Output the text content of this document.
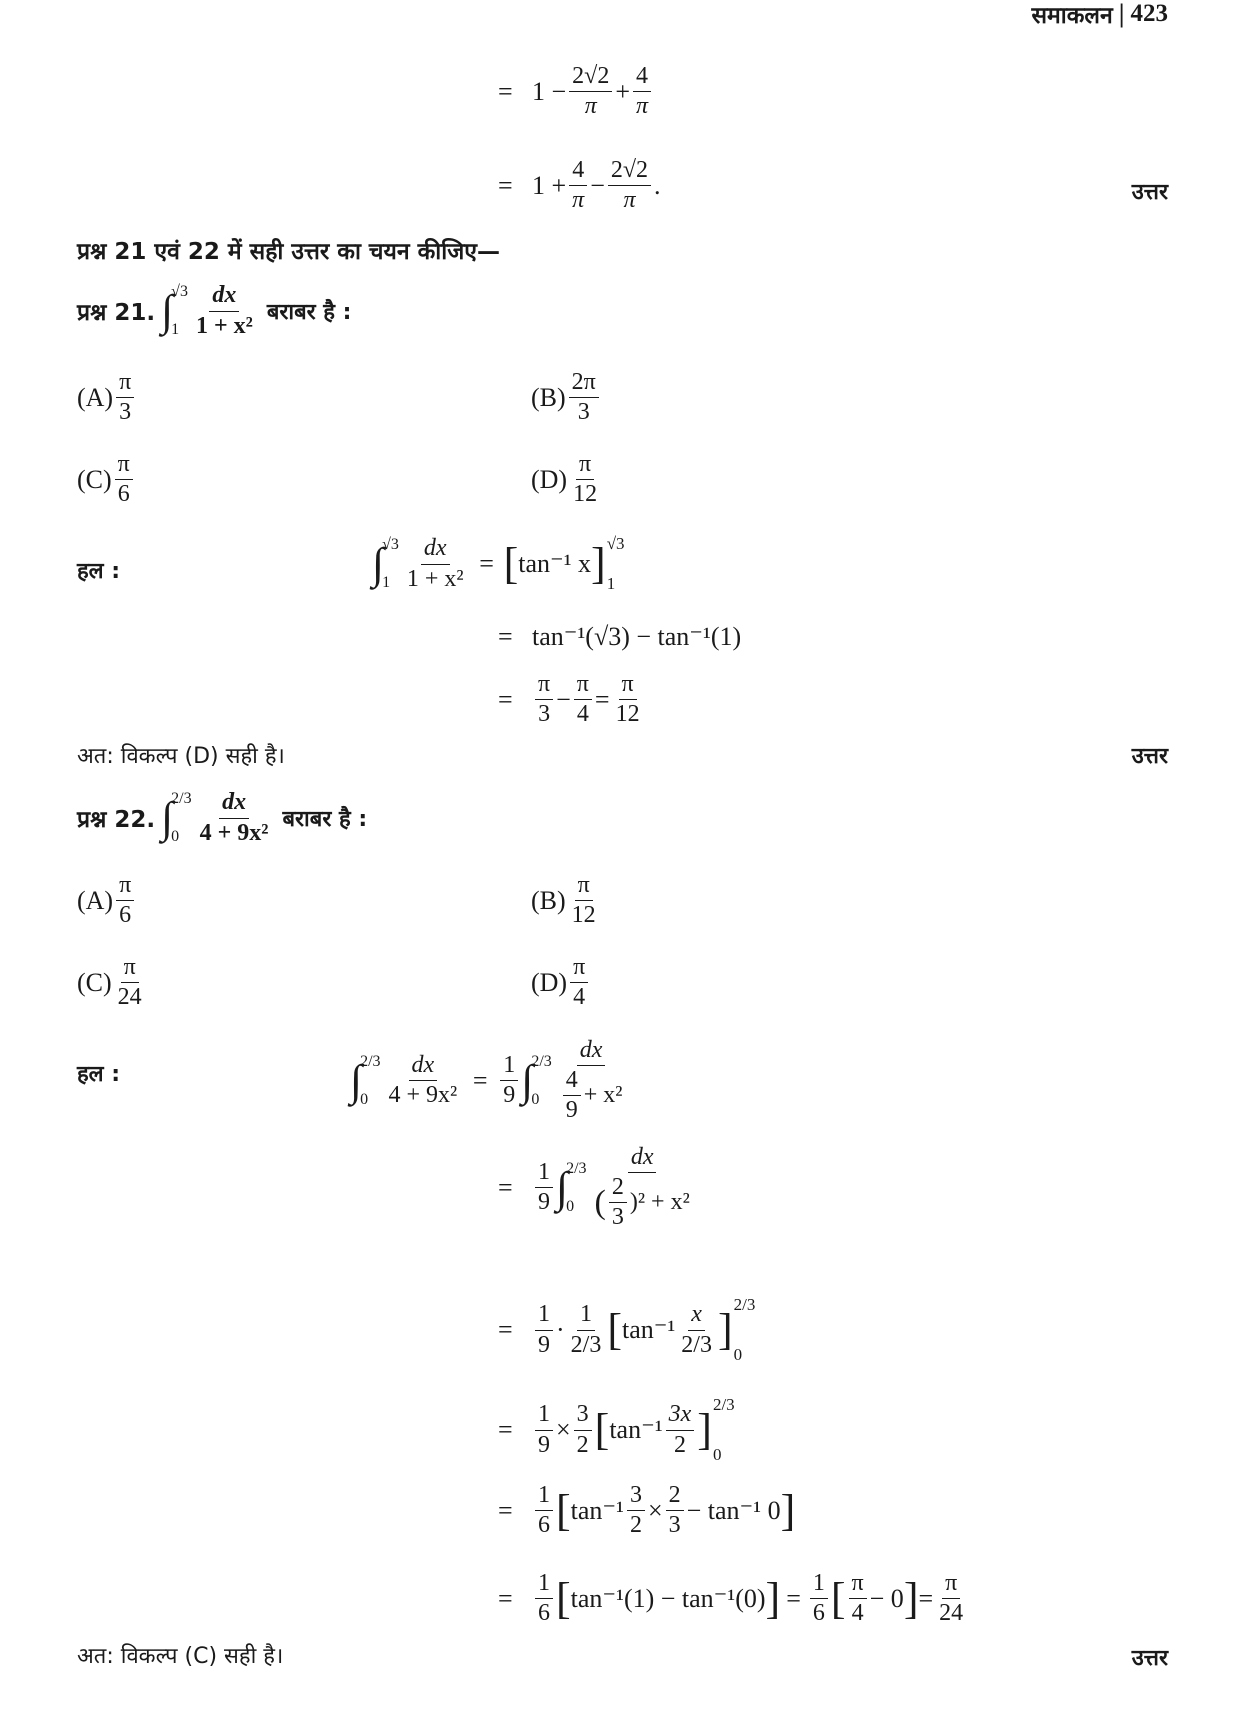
समाकलन | 423
= $1 - \frac{2√2}{\pi} + \frac{4}{\pi}$
= $1 + \frac{4}{\pi} - \frac{2√2}{\pi}$ .	उत्तर
प्रश्न 21 एवं 22 में सही उत्तर का चयन कीजिए—
प्रश्न 21. ∫
√3
$1 \frac{dx}{\text{1 + x²}}$ बराबर है :
$(A) \frac{\pi}{3}$	$(B) \frac{2\pi}{3}$
$(C) \frac{\pi}{6}$	$(D) \frac{\pi}{12}$
हल :	∫
√3
$1 \frac{dx}{\text{1 + x²}}$ = [ tan⁻¹ x ] √3
1
= tan⁻¹(√3) − tan⁻¹(1)
= $\frac{\pi}{3} - \frac{\pi}{4} = \frac{\pi}{12}$
अत: विकल्प (D) सही है।	उत्तर
प्रश्न 22. ∫
2/3
$0 \frac{dx}{\text{4 + 9x²}}$ बराबर है :
$(A) \frac{\pi}{6}$	$(B) \frac{\pi}{12}$
$(C) \frac{\pi}{24}$	$(D) \frac{\pi}{4}$
हल :	∫
2/3
$0 \frac{dx}{\text{4 + 9x²}} = \frac{1}{9}$ ∫
2/3
$0 \frac{dx}{\frac{4}{9} + x^2}$
= $\frac{1}{9}$ ∫
2/3
$0 \frac{dx}{( \frac{2}{3} )^2 + x^2}$
= $\frac{1}{9} \cdot \frac{1}{2/3}$ [ $\tan^{-1} \frac{x}{2/3}$ ]
2/3
0
= $\frac{1}{9} \times \frac{3}{2}$ [ $\tan^{-1} \frac{3x}{2}$ ]
2/3
0
= $\frac{1}{6}$ [ $\tan^{-1} \frac{3}{2} \times \frac{2}{3} - \tan^{-1}$ 0 ]
= $\frac{1}{6}$ [ tan⁻¹(1) − tan⁻¹(0) ] = $\frac{1}{6}$ [ $\frac{\pi}{4} - 0$ ] = $\frac{\pi}{24}$
अत: विकल्प (C) सही है।	उत्तर
